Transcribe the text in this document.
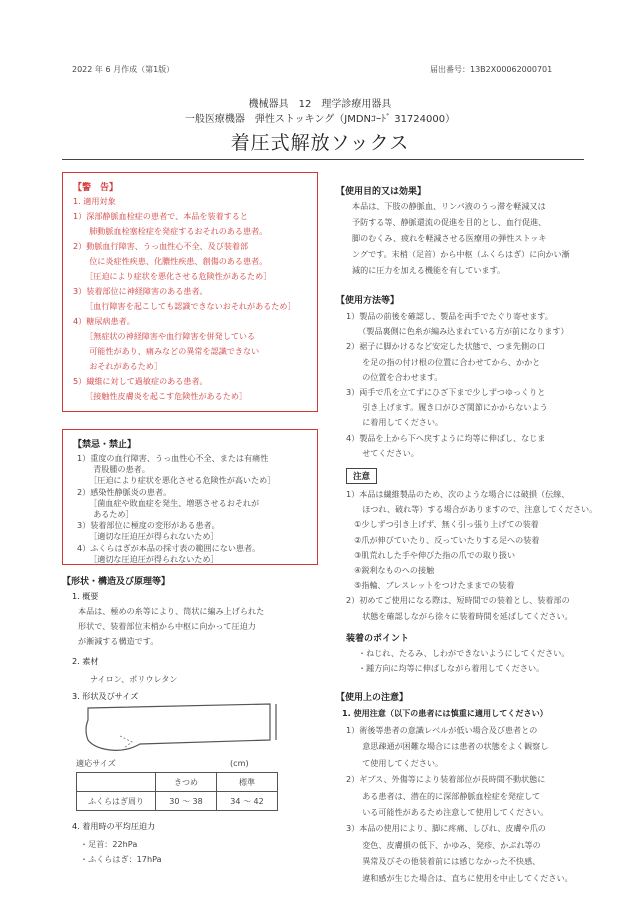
2022 年 6 月作成（第1版）	届出番号：13B2X00062000701
機械器具　12　理学診療用器具
一般医療機器　弾性ストッキング（JMDNｺｰﾄﾞ 31724000）
着圧式解放ソックス
【警　告】
1. 適用対象
1）深部静脈血栓症の患者で、本品を装着すると
　　肺動脈血栓塞栓症を発症するおそれのある患者。
2）動脈血行障害、うっ血性心不全、及び装着部
　　位に炎症性疾患、化膿性疾患、創傷のある患者。
　　［圧迫により症状を悪化させる危険性があるため］
3）装着部位に神経障害のある患者。
　　［血行障害を起こしても認識できないおそれがあるため］
4）糖尿病患者。
　　［無症状の神経障害や血行障害を併発している
　　可能性があり、痛みなどの異常を認識できない
　　おそれがあるため］
5）繊維に対して過敏症のある患者。
　　［接触性皮膚炎を起こす危険性があるため］
【禁忌・禁止】
1）重度の血行障害、うっ血性心不全、または有痛性
　　青股腫の患者。
　　［圧迫により症状を悪化させる危険性が高いため］
2）感染性静脈炎の患者。
　　［菌血症や敗血症を発生、増悪させるおそれが
　　あるため］
3）装着部位に極度の変形がある患者。
　　［適切な圧迫圧が得られないため］
4）ふくらはぎが本品の採寸表の範囲にない患者。
　　［適切な圧迫圧が得られないため］
【形状・構造及び原理等】
1. 概要
本品は、極めの糸等により、筒状に編み上げられた
形状で、装着部位末梢から中枢に向かって圧迫力
が漸減する構造です。
2. 素材
ナイロン、ポリウレタン
3. 形状及びサイズ
適応サイズ	(cm)
	きつめ	標準
ふくらはぎ周り	30 ～ 38	34 ～ 42
4. 着用時の平均圧迫力
・足首：22hPa
・ふくらはぎ：17hPa
【使用目的又は効果】
本品は、下肢の静脈血、リンパ液のうっ滞を軽減又は
予防する等、静脈還流の促進を目的とし、血行促進、
脚のむくみ、疲れを軽減させる医療用の弾性ストッキ
ングです。末梢（足首）から中枢（ふくらはぎ）に向かい漸
減的に圧力を加える機能を有しています。
【使用方法等】
1）製品の前後を確認し、製品を両手でたぐり寄せます。
　　（製品裏側に色糸が編み込まれている方が前になります）
2）裾子に脚かけるなど安定した状態で、つま先側の口
　　を足の指の付け根の位置に合わせてから、かかと
　　の位置を合わせます。
3）両手で爪を立てずにひざ下まで少しずつゆっくりと
　　引き上げます。履き口がひざ関節にかからないよう
　　に着用してください。
4）製品を上から下へ戻すように均等に伸ばし、なじま
　　せてください。
注意
1）本品は繊維製品のため、次のような場合には破損（伝線、
　　ほつれ、破れ等）する場合がありますので、注意してください。
　①少しずつ引き上げず、無く引っ張り上げての装着
　②爪が伸びていたり、反っていたりする足への装着
　③肌荒れした手や伸びた指の爪での取り扱い
　④鋭利なものへの接触
　⑤指輪、ブレスレットをつけたままでの装着
2）初めてご使用になる際は、短時間での装着とし、装着部の
　　状態を確認しながら徐々に装着時間を延ばしてください。
装着のポイント
・ねじれ、たるみ、しわができないようにしてください。
・踵方向に均等に伸ばしながら着用してください。
【使用上の注意】
1. 使用注意（以下の患者には慎重に適用してください）
1）術後等患者の意識レベルが低い場合及び患者との
　　意思疎通が困難な場合には患者の状態をよく観察し
　　て使用してください。
2）ギプス、外傷等により装着部位が長時間不動状態に
　　ある患者は、潜在的に深部静脈血栓症を発症して
　　いる可能性があるため注意して使用してください。
3）本品の使用により、脚に疼痛、しびれ、皮膚や爪の
　　変色、皮膚損の低下、かゆみ、発疹、かぶれ等の
　　異常及びその他装着前には感じなかった不快感、
　　違和感が生じた場合は、直ちに使用を中止してください。
